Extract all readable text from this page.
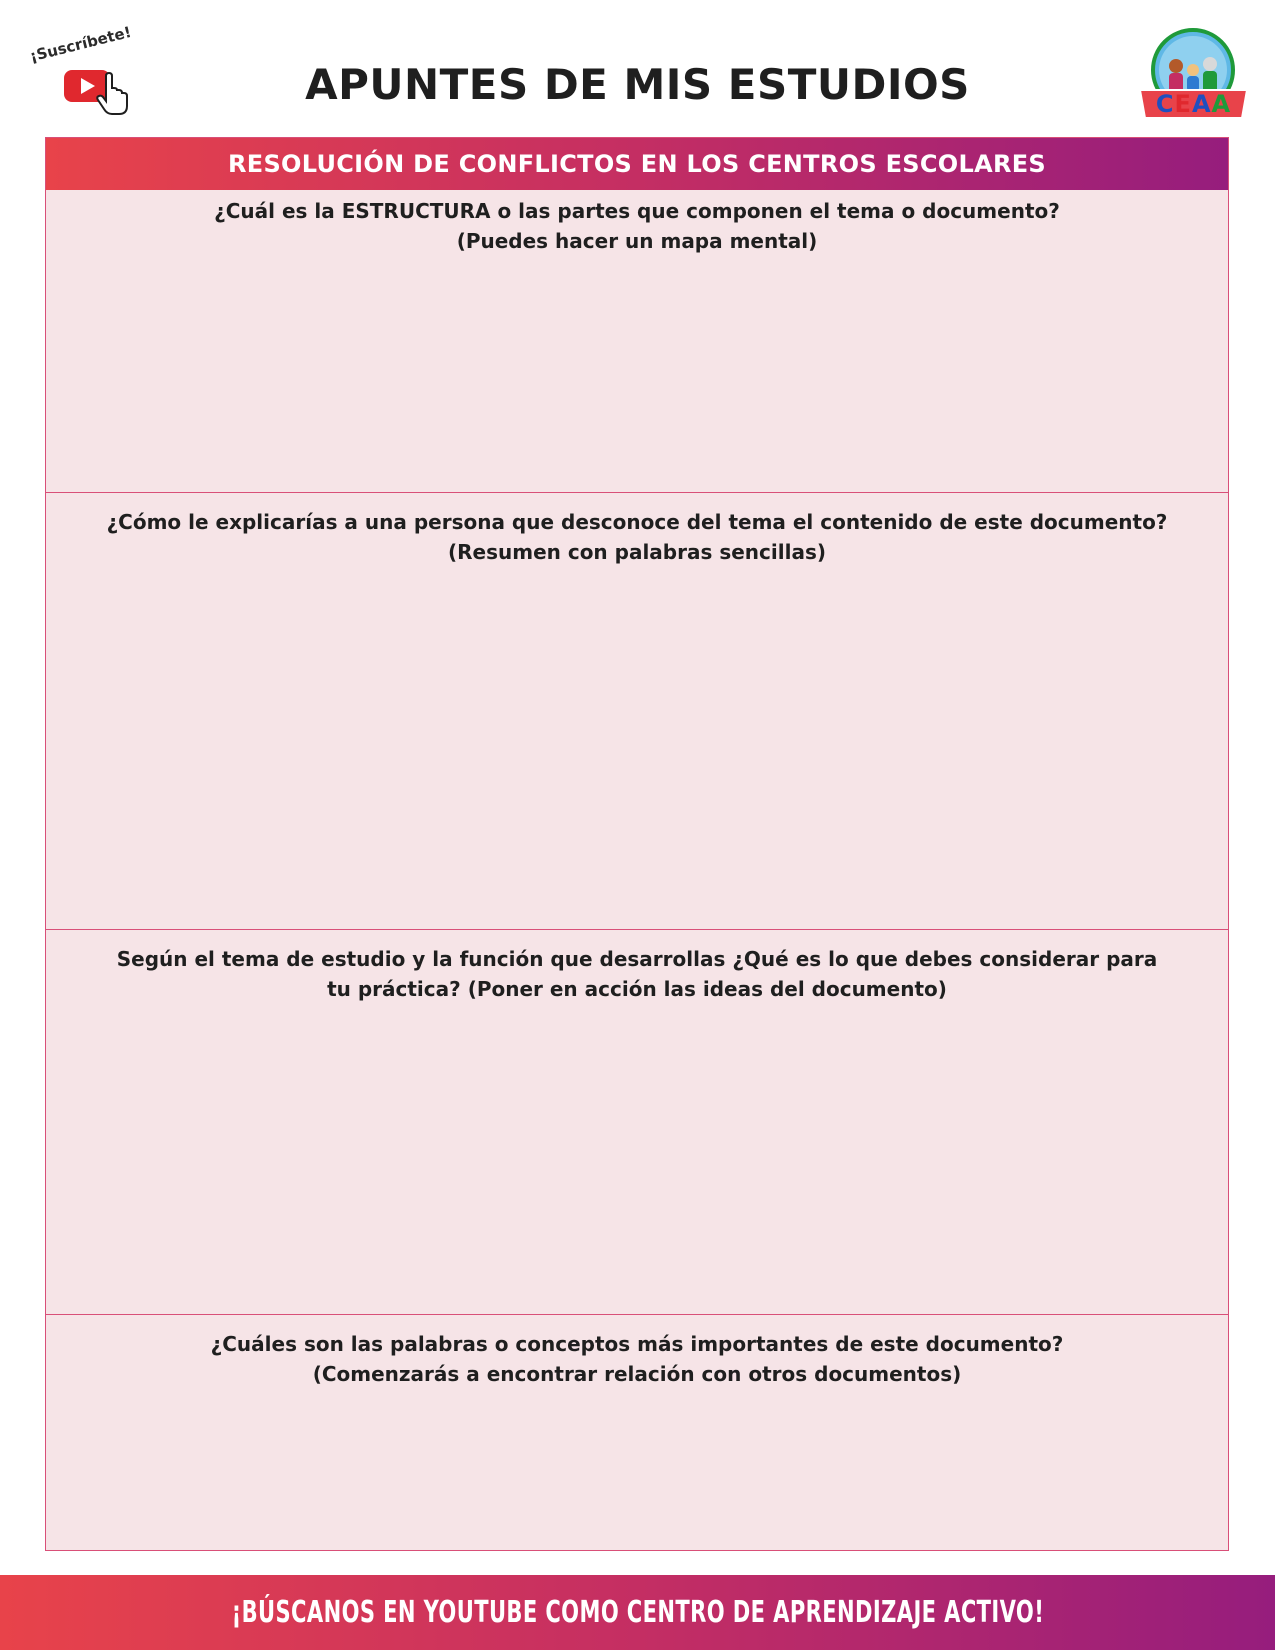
¡Suscríbete!
APUNTES DE MIS ESTUDIOS	C E A A
RESOLUCIÓN DE CONFLICTOS EN LOS CENTROS ESCOLARES
¿Cuál es la ESTRUCTURA o las partes que componen el tema o documento?
(Puedes hacer un mapa mental)
¿Cómo le explicarías a una persona que desconoce del tema el contenido de este documento?
(Resumen con palabras sencillas)
Según el tema de estudio y la función que desarrollas ¿Qué es lo que debes considerar para
tu práctica? (Poner en acción las ideas del documento)
¿Cuáles son las palabras o conceptos más importantes de este documento?
(Comenzarás a encontrar relación con otros documentos)
¡BÚSCANOS EN YOUTUBE COMO CENTRO DE APRENDIZAJE ACTIVO!
